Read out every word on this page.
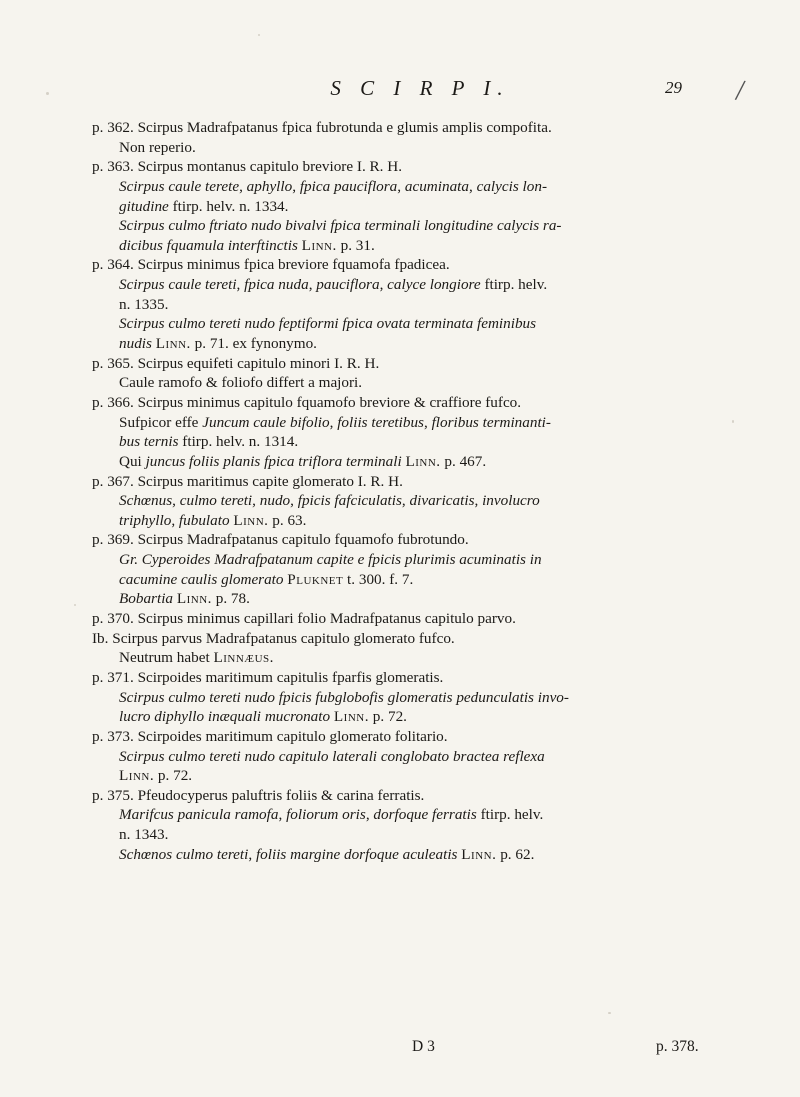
S C I R P I.	29 /
p. 362. Scirpus Madrafpatanus fpica fubrotunda e glumis amplis compofita.
Non reperio.
p. 363. Scirpus montanus capitulo breviore I. R. H.
Scirpus caule terete, aphyllo, fpica pauciflora, acuminata, calycis lon-
gitudine ftirp. helv. n. 1334.
Scirpus culmo ftriato nudo bivalvi fpica terminali longitudine calycis ra-
dicibus fquamula interftinctis Linn. p. 31.
p. 364. Scirpus minimus fpica breviore fquamofa fpadicea.
Scirpus caule tereti, fpica nuda, pauciflora, calyce longiore ftirp. helv.
n. 1335.
Scirpus culmo tereti nudo feptiformi fpica ovata terminata feminibus
nudis Linn. p. 71. ex fynonymo.
p. 365. Scirpus equifeti capitulo minori I. R. H.
Caule ramofo & foliofo differt a majori.
p. 366. Scirpus minimus capitulo fquamofo breviore & craffiore fufco.
Sufpicor effe Juncum caule bifolio, foliis teretibus, floribus terminanti-
bus ternis ftirp. helv. n. 1314.
Qui juncus foliis planis fpica triflora terminali Linn. p. 467.
p. 367. Scirpus maritimus capite glomerato I. R. H.
Schœnus, culmo tereti, nudo, fpicis fafciculatis, divaricatis, involucro
triphyllo, fubulato Linn. p. 63.
p. 369. Scirpus Madrafpatanus capitulo fquamofo fubrotundo.
Gr. Cyperoides Madrafpatanum capite e fpicis plurimis acuminatis in
cacumine caulis glomerato Pluknet t. 300. f. 7.
Bobartia Linn. p. 78.
p. 370. Scirpus minimus capillari folio Madrafpatanus capitulo parvo.
Ib. Scirpus parvus Madrafpatanus capitulo glomerato fufco.
Neutrum habet Linnæus.
p. 371. Scirpoides maritimum capitulis fparfis glomeratis.
Scirpus culmo tereti nudo fpicis fubglobofis glomeratis pedunculatis invo-
lucro diphyllo inæquali mucronato Linn. p. 72.
p. 373. Scirpoides maritimum capitulo glomerato folitario.
Scirpus culmo tereti nudo capitulo laterali conglobato bractea reflexa
Linn. p. 72.
p. 375. Pfeudocyperus paluftris foliis & carina ferratis.
Marifcus panicula ramofa, foliorum oris, dorfoque ferratis ftirp. helv.
n. 1343.
Schœnos culmo tereti, foliis margine dorfoque aculeatis Linn. p. 62.
D 3	p. 378.
